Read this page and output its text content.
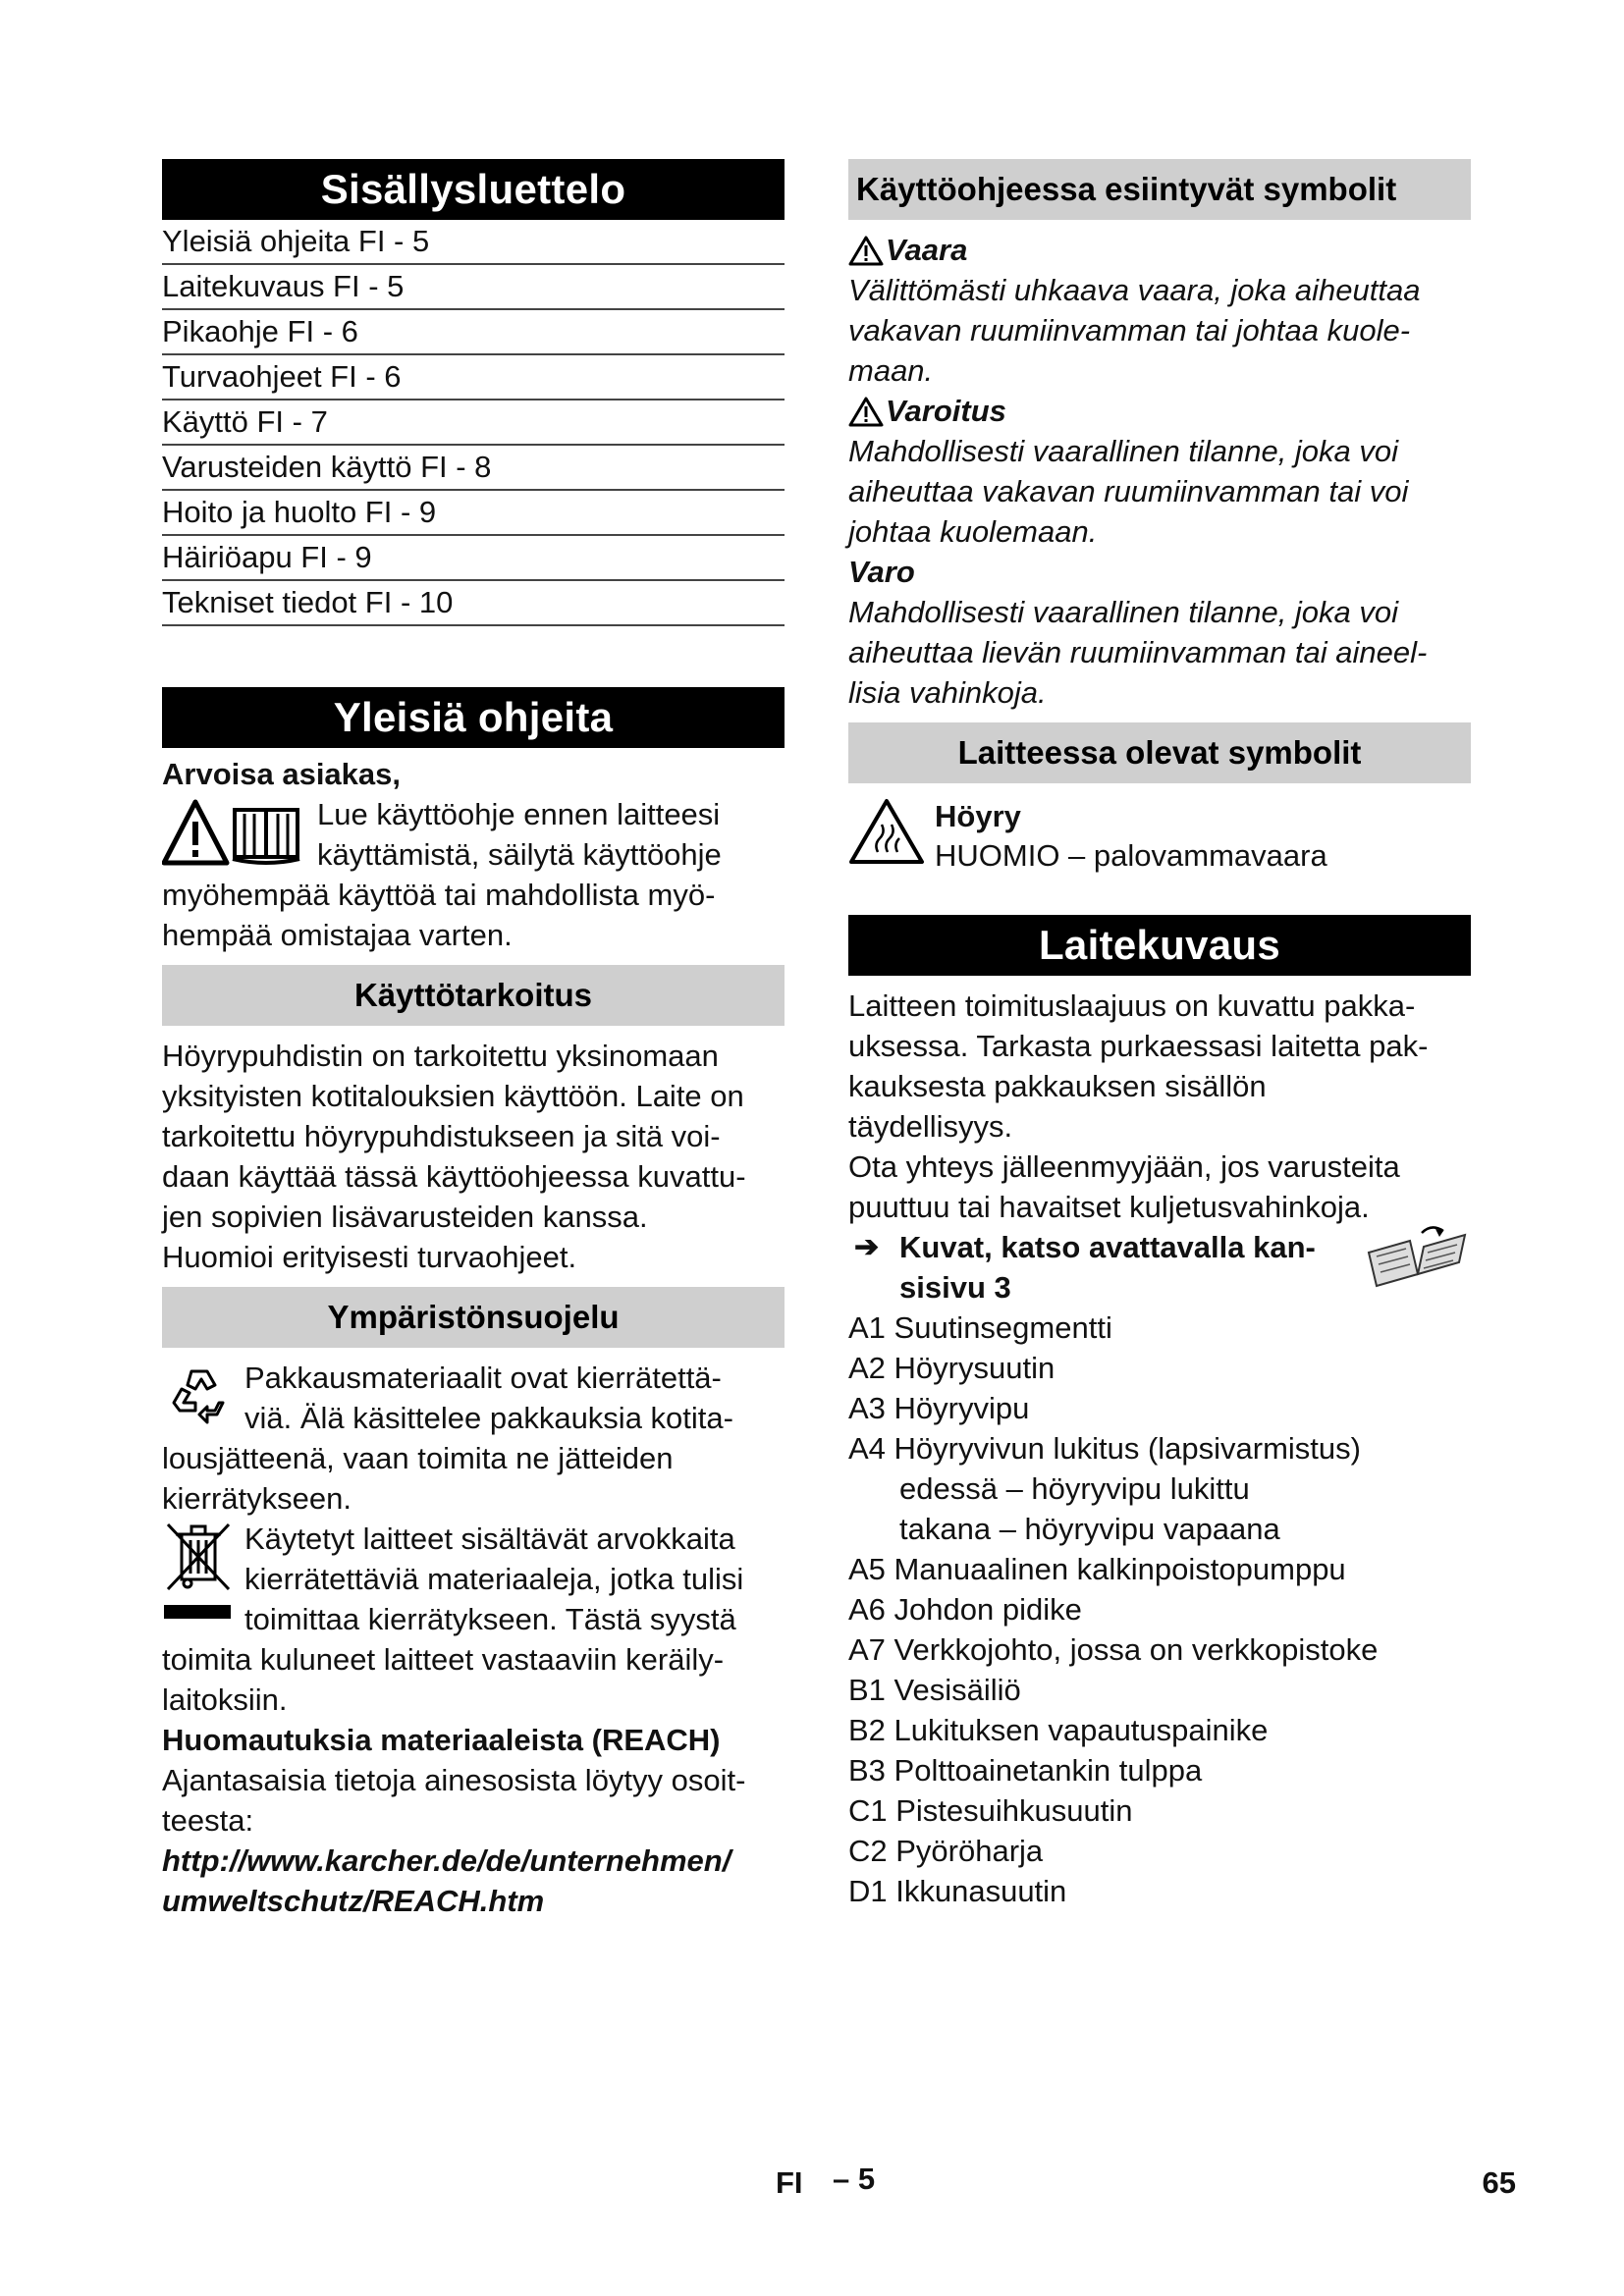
Sisällysluettelo
Yleisiä ohjeita FI - 5
Laitekuvaus FI - 5
Pikaohje FI - 6
Turvaohjeet FI - 6
Käyttö FI - 7
Varusteiden käyttö FI - 8
Hoito ja huolto FI - 9
Häiriöapu FI - 9
Tekniset tiedot FI - 10
Yleisiä ohjeita
Arvoisa asiakas,
Lue käyttöohje ennen laitteesi
käyttämistä, säilytä käyttöohje
myöhempää käyttöä tai mahdollista myö-
hempää omistajaa varten.
Käyttötarkoitus
Höyrypuhdistin on tarkoitettu yksinomaan
yksityisten kotitalouksien käyttöön. Laite on
tarkoitettu höyrypuhdistukseen ja sitä voi-
daan käyttää tässä käyttöohjeessa kuvattu-
jen sopivien lisävarusteiden kanssa.
Huomioi erityisesti turvaohjeet.
Ympäristönsuojelu
Pakkausmateriaalit ovat kierrätettä-
viä. Älä käsittelee pakkauksia kotita-
lousjätteenä, vaan toimita ne jätteiden
kierrätykseen.
Käytetyt laitteet sisältävät arvokkaita
kierrätettäviä materiaaleja, jotka tulisi
toimittaa kierrätykseen. Tästä syystä
toimita kuluneet laitteet vastaaviin keräily-
laitoksiin.
Huomautuksia materiaaleista (REACH)
Ajantasaisia tietoja ainesosista löytyy osoit-
teesta:
http://www.karcher.de/de/unternehmen/
umweltschutz/REACH.htm
Käyttöohjeessa esiintyvät symbolit
Vaara
Välittömästi uhkaava vaara, joka aiheuttaa
vakavan ruumiinvamman tai johtaa kuole-
maan.
Varoitus
Mahdollisesti vaarallinen tilanne, joka voi
aiheuttaa vakavan ruumiinvamman tai voi
johtaa kuolemaan.
Varo
Mahdollisesti vaarallinen tilanne, joka voi
aiheuttaa lievän ruumiinvamman tai aineel-
lisia vahinkoja.
Laitteessa olevat symbolit
Höyry
HUOMIO – palovammavaara
Laitekuvaus
Laitteen toimituslaajuus on kuvattu pakka-
uksessa. Tarkasta purkaessasi laitetta pak-
kauksesta pakkauksen sisällön
täydellisyys.
Ota yhteys jälleenmyyjään, jos varusteita
puuttuu tai havaitset kuljetusvahinkoja.
➔ Kuvat, katso avattavalla kan-
sisivu 3
A1 Suutinsegmentti
A2 Höyrysuutin
A3 Höyryvipu
A4 Höyryvivun lukitus (lapsivarmistus)
edessä – höyryvipu lukittu
takana – höyryvipu vapaana
A5 Manuaalinen kalkinpoistopumppu
A6 Johdon pidike
A7 Verkkojohto, jossa on verkkopistoke
B1 Vesisäiliö
B2 Lukituksen vapautuspainike
B3 Polttoainetankin tulppa
C1 Pistesuihkusuutin
C2 Pyöröharja
D1 Ikkunasuutin
FI – 5	65
